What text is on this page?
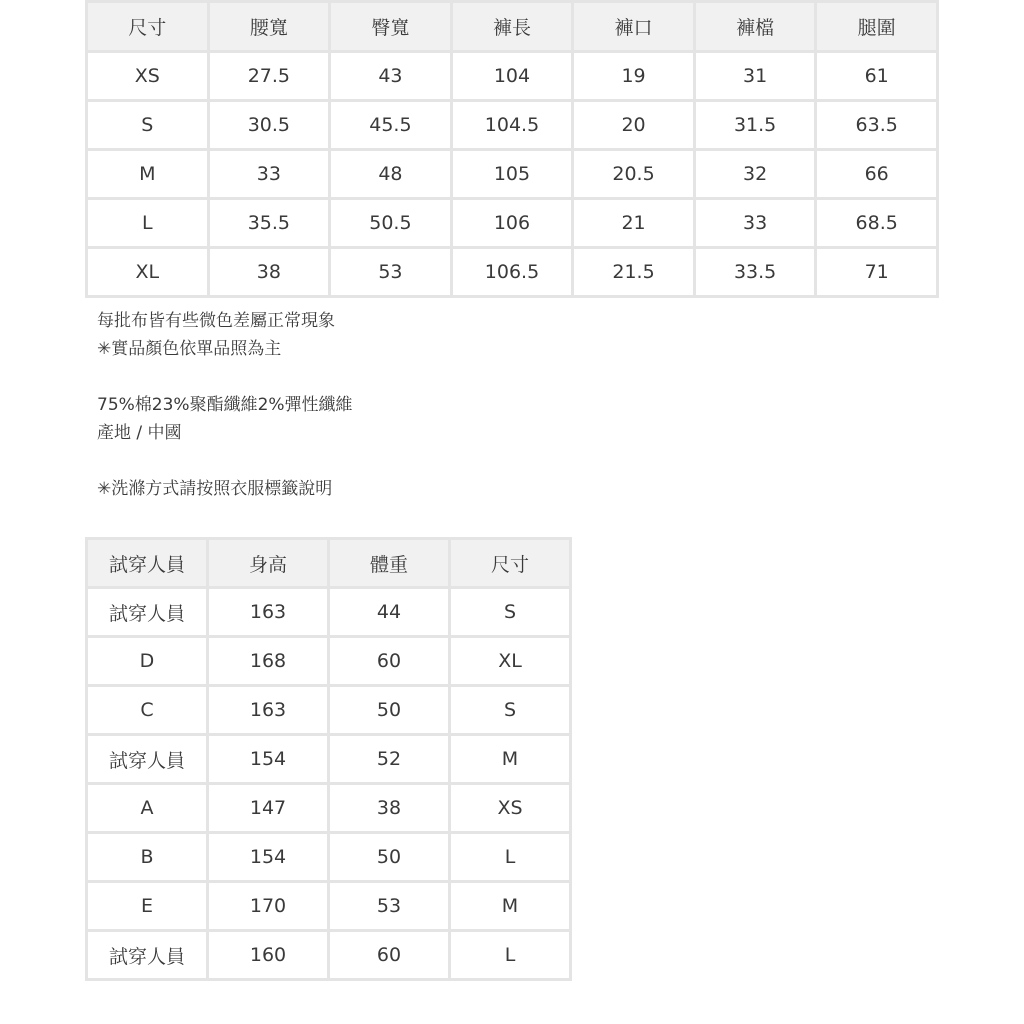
尺寸	腰寬	臀寬	褲長	褲口	褲檔	腿圍
XS	27.5	43	104	19	31	61
S	30.5	45.5	104.5	20	31.5	63.5
M	33	48	105	20.5	32	66
L	35.5	50.5	106	21	33	68.5
XL	38	53	106.5	21.5	33.5	71
每批布皆有些微色差屬正常現象
✳實品顏色依單品照為主
75%棉23%聚酯纖維2%彈性纖維
產地 / 中國
✳洗滌方式請按照衣服標籤說明
試穿人員	身高	體重	尺寸
試穿人員	163	44	S
D	168	60	XL
C	163	50	S
試穿人員	154	52	M
A	147	38	XS
B	154	50	L
E	170	53	M
試穿人員	160	60	L
